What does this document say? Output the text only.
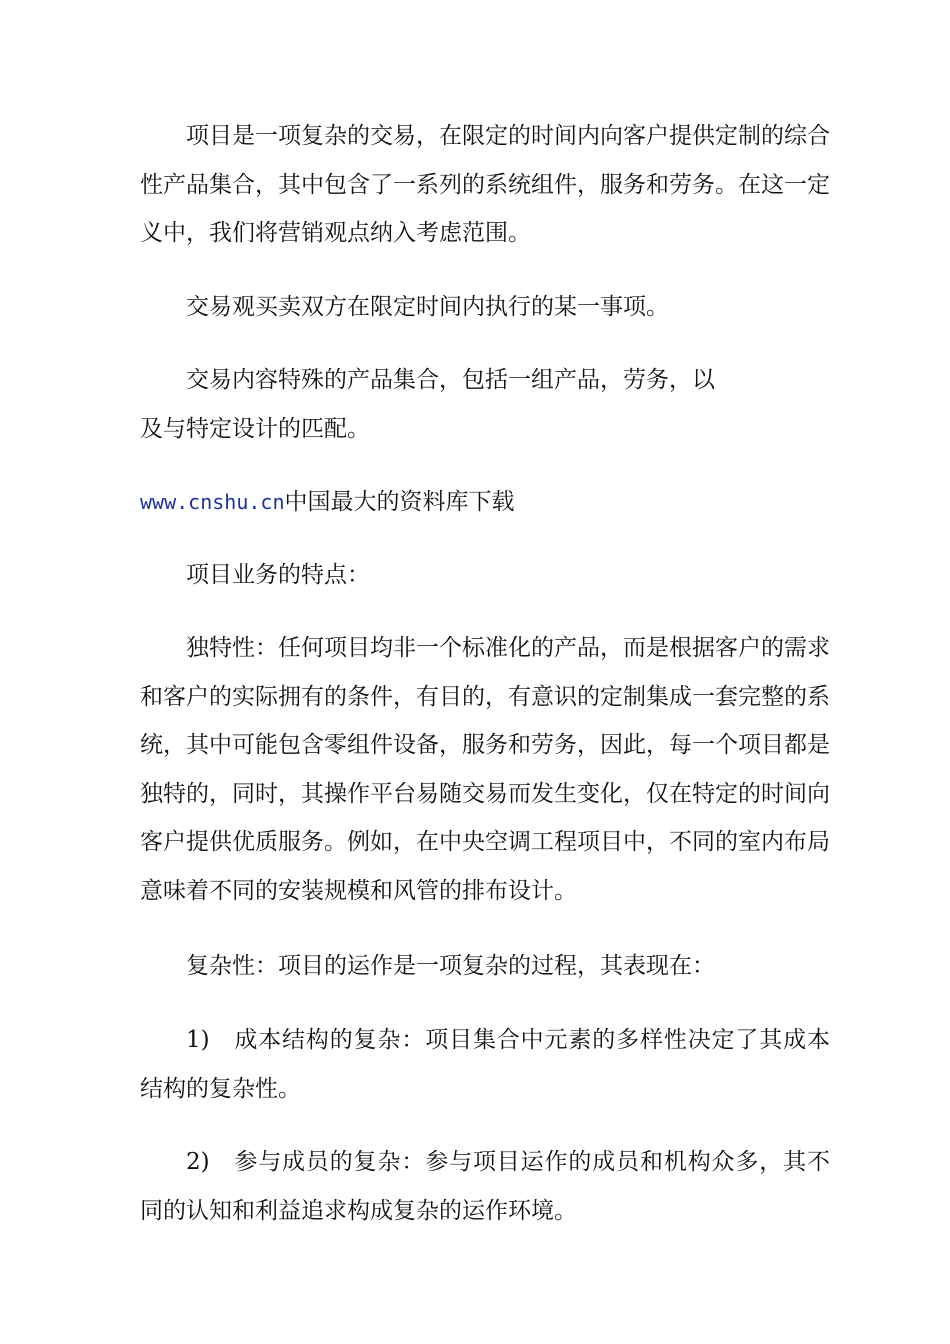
项目是一项复杂的交易，在限定的时间内向客户提供定制的综合性产品集合，其中包含了一系列的系统组件，服务和劳务。在这一定义中，我们将营销观点纳入考虑范围。

交易观买卖双方在限定时间内执行的某一事项。

交易内容特殊的产品集合，包括一组产品，劳务，以
及与特定设计的匹配。
www.cnshu.cn中国最大的资料库下载

项目业务的特点：

独特性：任何项目均非一个标准化的产品，而是根据客户的需求和客户的实际拥有的条件，有目的，有意识的定制集成一套完整的系统，其中可能包含零组件设备，服务和劳务，因此，每一个项目都是独特的，同时，其操作平台易随交易而发生变化，仅在特定的时间向客户提供优质服务。例如，在中央空调工程项目中，不同的室内布局意味着不同的安装规模和风管的排布设计。

复杂性：项目的运作是一项复杂的过程，其表现在：

1)　成本结构的复杂：项目集合中元素的多样性决定了其成本结构的复杂性。

2)　参与成员的复杂：参与项目运作的成员和机构众多，其不同的认知和利益追求构成复杂的运作环境。
